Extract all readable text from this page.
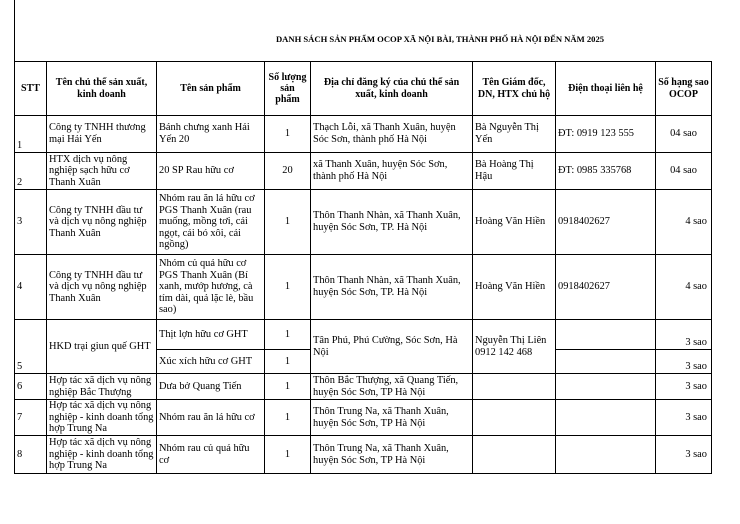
DANH SÁCH SẢN PHẨM OCOP XÃ NỘI BÀI, THÀNH PHỐ HÀ NỘI ĐẾN NĂM 2025
STT	Tên chủ thể sản xuất, kinh doanh	Tên sản phẩm	Số lượng sản phẩm	Địa chỉ đăng ký của chủ thể sản xuất, kinh doanh	Tên Giám đốc, DN, HTX chủ hộ	Điện thoại liên hệ	Số hạng sao OCOP
1	Công ty TNHH thương mại Hải Yến	Bánh chưng xanh Hải Yến 20	1	Thạch Lỗi, xã Thanh Xuân, huyện Sóc Sơn, thành phố Hà Nội	Bà Nguyễn Thị Yến	ĐT: 0919 123 555	04 sao
2	HTX dịch vụ nông nghiệp sạch hữu cơ Thanh Xuân	20 SP Rau hữu cơ	20	xã Thanh Xuân, huyện Sóc Sơn, thành phố Hà Nội	Bà Hoàng Thị Hậu	ĐT: 0985 335768	04 sao
3	Công ty TNHH đầu tư và dịch vụ nông nghiệp Thanh Xuân	Nhóm rau ăn lá hữu cơ PGS Thanh Xuân (rau muống, mồng tơi, cải ngọt, cải bó xôi, cải ngồng)	1	Thôn Thanh Nhàn, xã Thanh Xuân, huyện Sóc Sơn, TP. Hà Nội	Hoàng Văn Hiền	0918402627	4 sao
4	Công ty TNHH đầu tư và dịch vụ nông nghiệp Thanh Xuân	Nhóm củ quả hữu cơ PGS Thanh Xuân (Bí xanh, mướp hương, cà tím dài, quả lặc lè, bầu sao)	1	Thôn Thanh Nhàn, xã Thanh Xuân, huyện Sóc Sơn, TP. Hà Nội	Hoàng Văn Hiền	0918402627	4 sao
5	HKD trại giun quế GHT	Thịt lợn hữu cơ GHT	1	Tân Phú, Phú Cường, Sóc Sơn, Hà Nội	Nguyễn Thị Liên 0912 142 468		3 sao
		Xúc xích hữu cơ GHT	1				3 sao
6	Hợp tác xã dịch vụ nông nghiệp Bắc Thượng	Dưa bở Quang Tiến	1	Thôn Bắc Thượng, xã Quang Tiến, huyện Sóc Sơn, TP Hà Nội			3 sao
7	Hợp tác xã dịch vụ nông nghiệp - kinh doanh tổng hợp Trung Na	Nhóm rau ăn lá hữu cơ	1	Thôn Trung Na, xã Thanh Xuân, huyện Sóc Sơn, TP Hà Nội			3 sao
8	Hợp tác xã dịch vụ nông nghiệp - kinh doanh tổng hợp Trung Na	Nhóm rau củ quả hữu cơ	1	Thôn Trung Na, xã Thanh Xuân, huyện Sóc Sơn, TP Hà Nội			3 sao
